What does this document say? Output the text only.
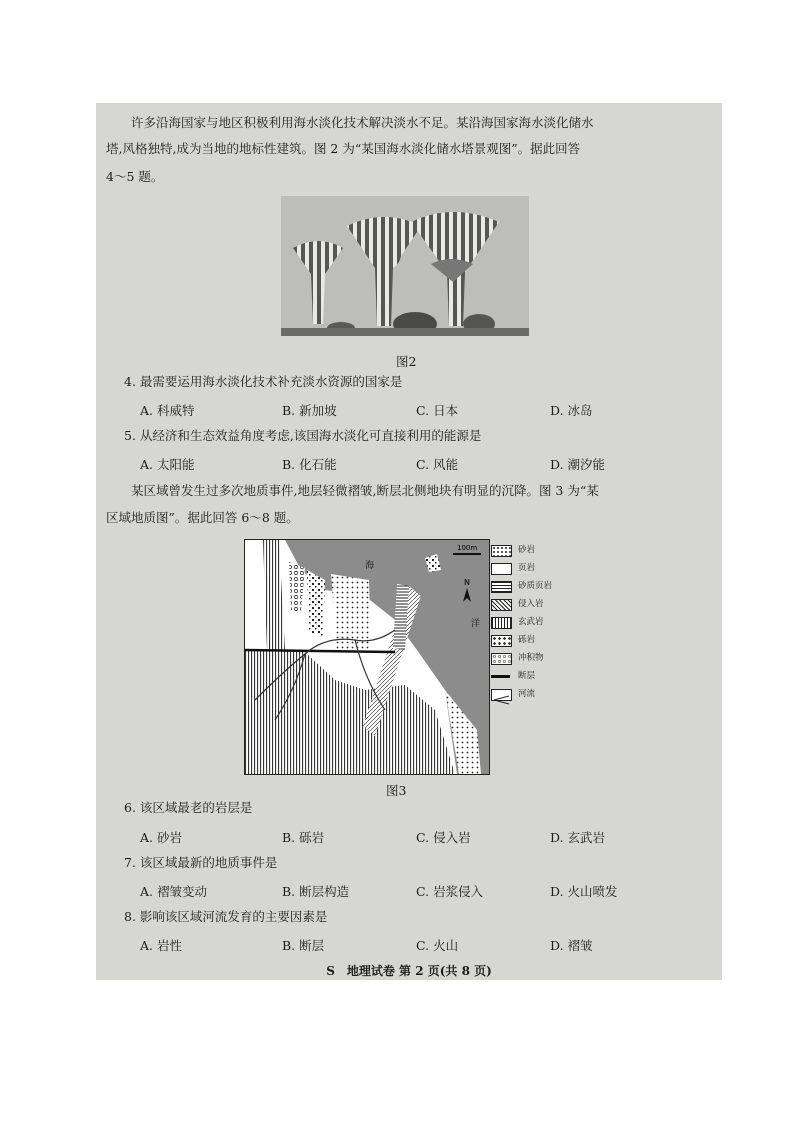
许多沿海国家与地区积极利用海水淡化技术解决淡水不足。某沿海国家海水淡化储水
塔,风格独特,成为当地的地标性建筑。图 2 为“某国海水淡化储水塔景观图”。据此回答
4～5 题。
图2
4. 最需要运用海水淡化技术补充淡水资源的国家是
A. 科威特	B. 新加坡	C. 日本	D. 冰岛
5. 从经济和生态效益角度考虑,该国海水淡化可直接利用的能源是
A. 太阳能	B. 化石能	C. 风能	D. 潮汐能
某区域曾发生过多次地质事件,地层轻微褶皱,断层北侧地块有明显的沉降。图 3 为“某
区域地质图”。据此回答 6～8 题。
100m
N
海
洋
砂岩
页岩
砂质页岩
侵入岩
玄武岩
砾岩
冲积物
断层
河流
图3
6. 该区域最老的岩层是
A. 砂岩	B. 砾岩	C. 侵入岩	D. 玄武岩
7. 该区域最新的地质事件是
A. 褶皱变动	B. 断层构造	C. 岩浆侵入	D. 火山喷发
8. 影响该区域河流发育的主要因素是
A. 岩性	B. 断层	C. 火山	D. 褶皱
S　地理试卷 第 2 页(共 8 页)
